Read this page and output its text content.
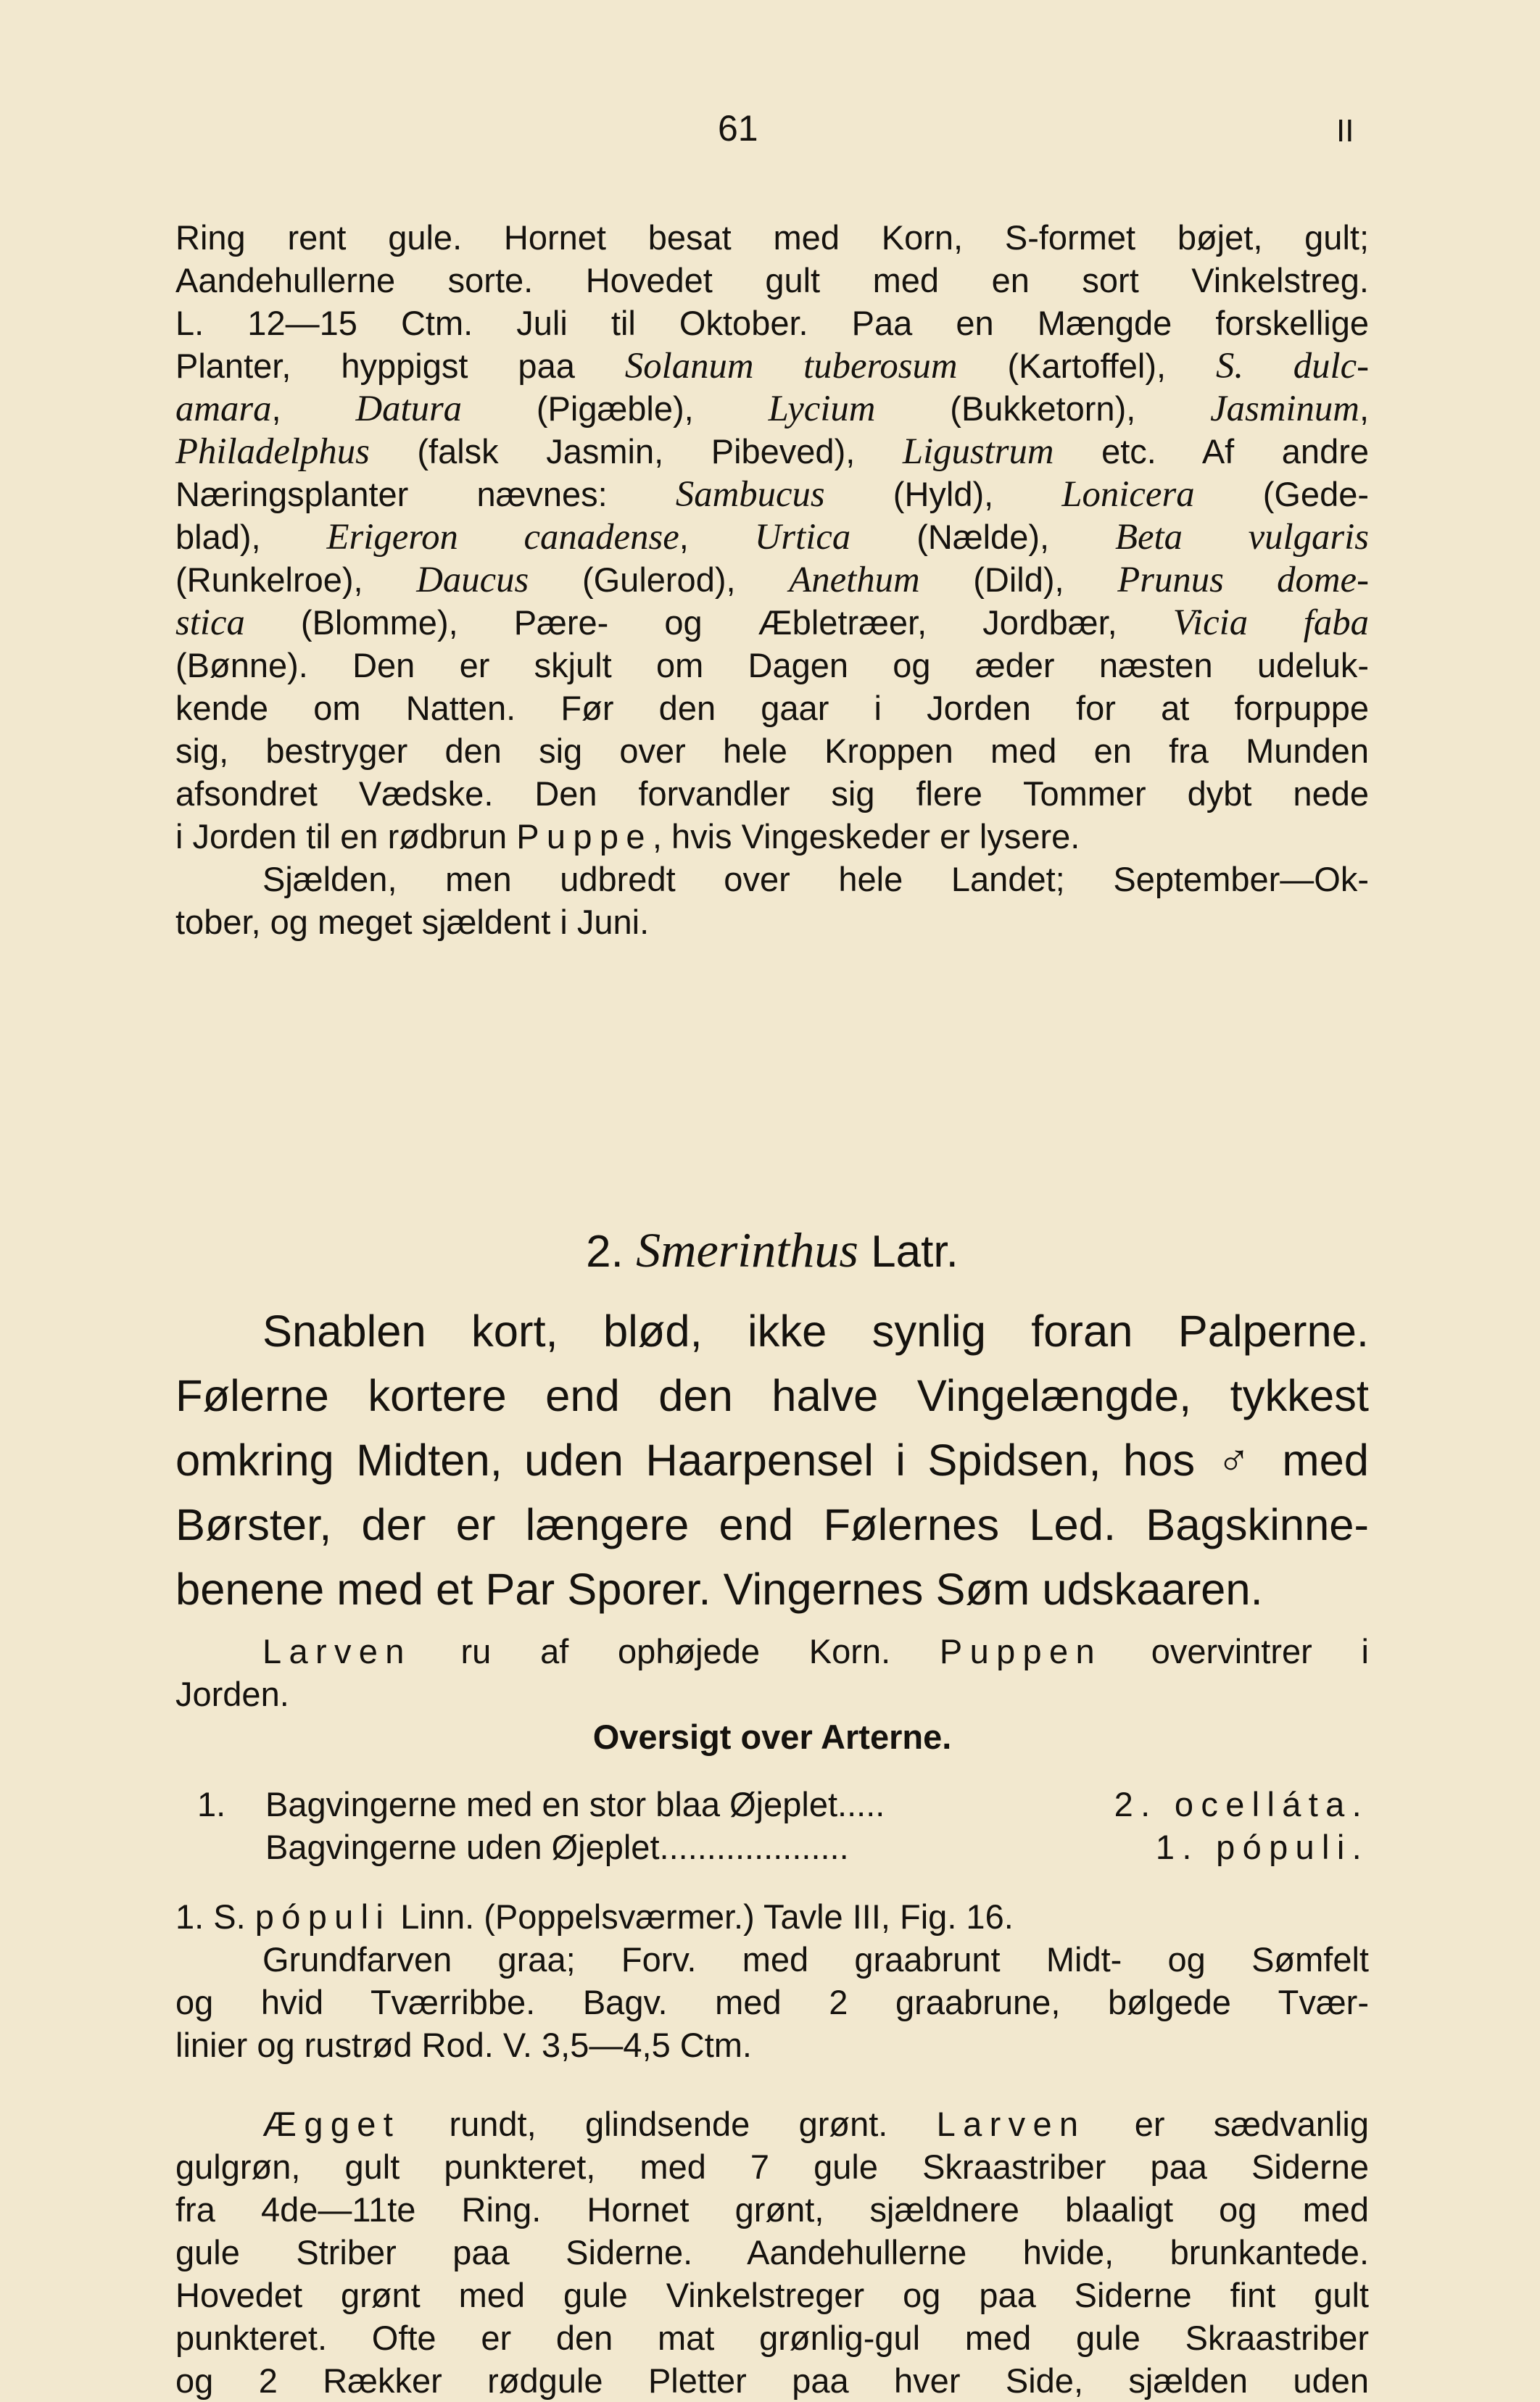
61	II

Ring rent gule. Hornet besat med Korn, S-formet bøjet, gult;

Aandehullerne sorte. Hovedet gult med en sort Vinkelstreg.

L. 12—15 Ctm. Juli til Oktober. Paa en Mængde forskellige

Planter, hyppigst paa Solanum tuberosum (Kartoffel), S. dulc-

amara, Datura (Pigæble), Lycium (Bukketorn), Jasminum,

Philadelphus (falsk Jasmin, Pibeved), Ligustrum etc. Af andre

Næringsplanter nævnes: Sambucus (Hyld), Lonicera (Gede-

blad), Erigeron canadense, Urtica (Nælde), Beta vulgaris

(Runkelroe), Daucus (Gulerod), Anethum (Dild), Prunus dome-

stica (Blomme), Pære- og Æbletræer, Jordbær, Vicia faba

(Bønne). Den er skjult om Dagen og æder næsten udeluk-

kende om Natten. Før den gaar i Jorden for at forpuppe

sig, bestryger den sig over hele Kroppen med en fra Munden

afsondret Vædske. Den forvandler sig flere Tommer dybt nede

i Jorden til en rødbrun Puppe, hvis Vingeskeder er lysere.

Sjælden, men udbredt over hele Landet; September—Ok-

tober, og meget sjældent i Juni.

2. Smerinthus Latr.

Snablen kort, blød, ikke synlig foran Palperne.

Følerne kortere end den halve Vingelængde, tykkest

omkring Midten, uden Haarpensel i Spidsen, hos ♂ med

Børster, der er længere end Følernes Led. Bagskinne-

benene med et Par Sporer. Vingernes Søm udskaaren.

Larven ru af ophøjede Korn. Puppen overvintrer i

Jorden.

Oversigt over Arterne.

1. Bagvingerne med en stor blaa Øjeplet.....	2. ocelláta.
Bagvingerne uden Øjeplet....................	1. pópuli.

1. S. pópuli Linn. (Poppelsværmer.) Tavle III, Fig. 16.

Grundfarven graa; Forv. med graabrunt Midt- og Sømfelt

og hvid Tværribbe. Bagv. med 2 graabrune, bølgede Tvær-

linier og rustrød Rod. V. 3,5—4,5 Ctm.

Ægget rundt, glindsende grønt. Larven er sædvanlig

gulgrøn, gult punkteret, med 7 gule Skraastriber paa Siderne

fra 4de—11te Ring. Hornet grønt, sjældnere blaaligt og med

gule Striber paa Siderne. Aandehullerne hvide, brunkantede.

Hovedet grønt med gule Vinkelstreger og paa Siderne fint gult

punkteret. Ofte er den mat grønlig-gul med gule Skraastriber

og 2 Rækker rødgule Pletter paa hver Side, sjælden uden
